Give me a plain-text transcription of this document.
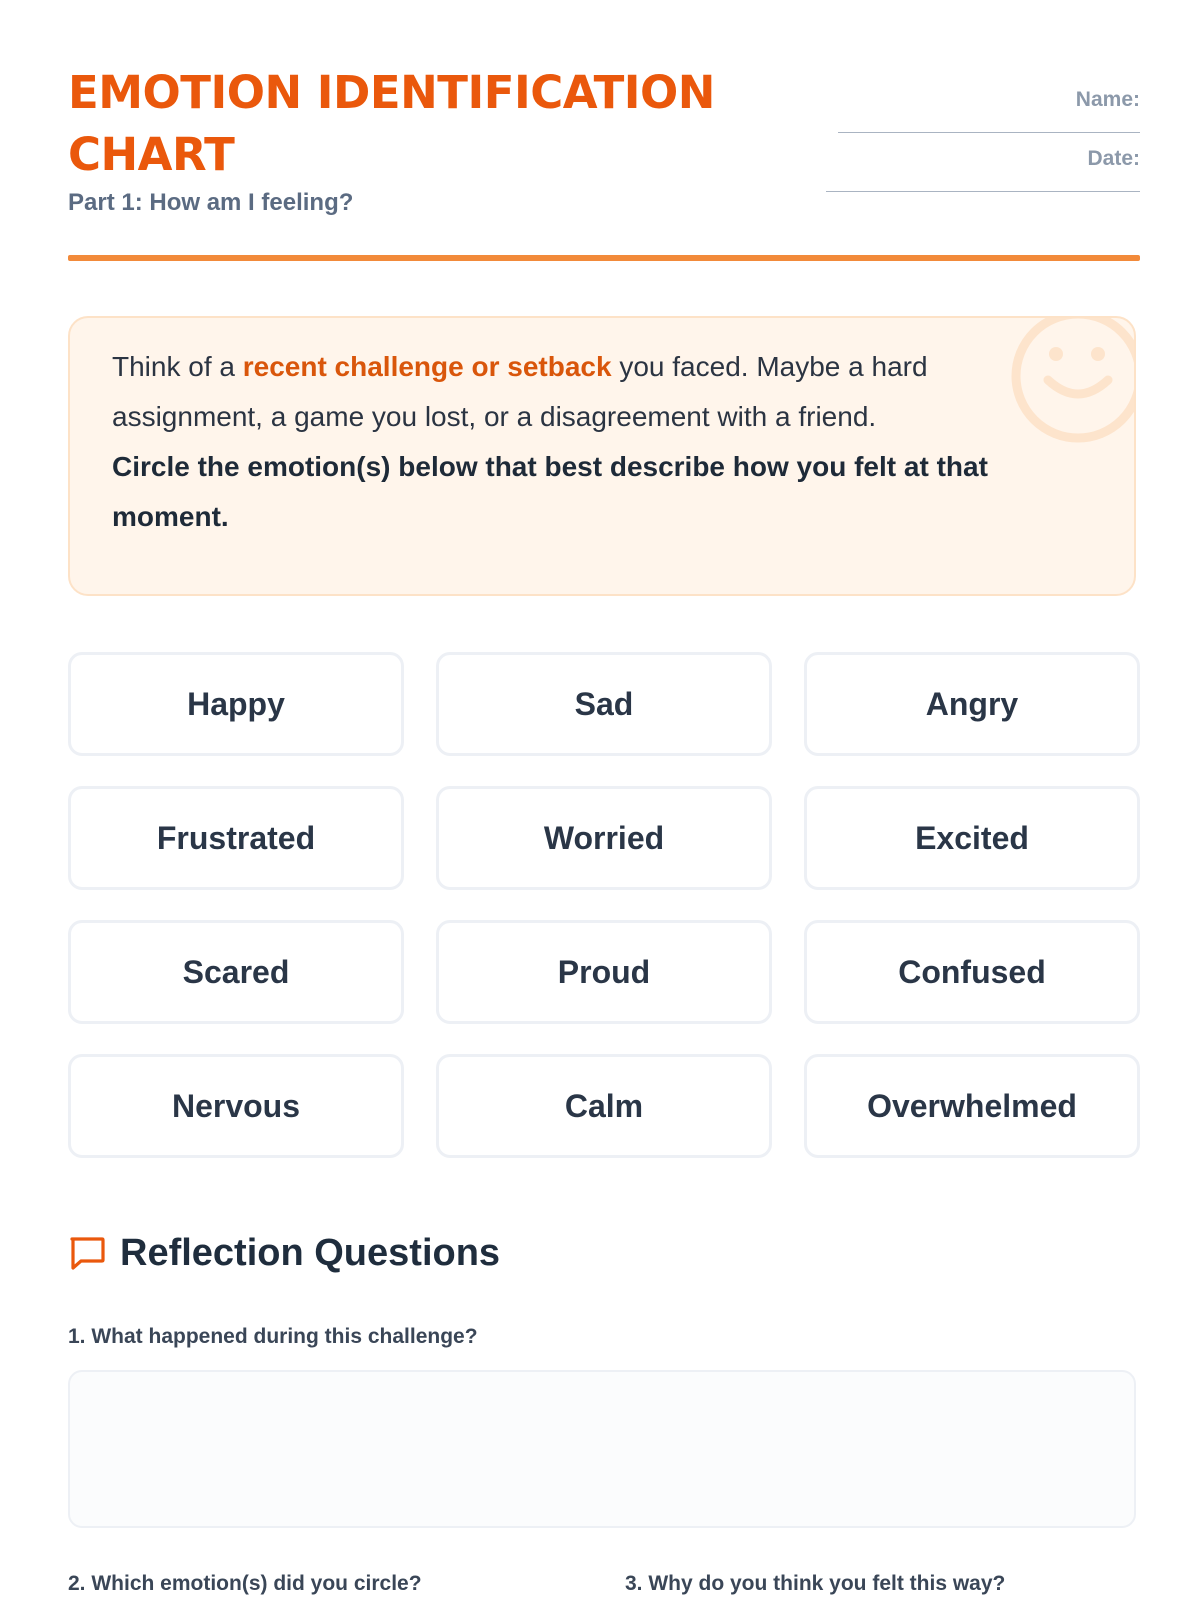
EMOTION IDENTIFICATION CHART
Part 1: How am I feeling?
Name:
Date:

Think of a recent challenge or setback you faced. Maybe a hard assignment, a game you lost, or a disagreement with a friend.
Circle the emotion(s) below that best describe how you felt at that moment.

Happy	Sad	Angry
Frustrated	Worried	Excited
Scared	Proud	Confused
Nervous	Calm	Overwhelmed
Reflection Questions
1. What happened during this challenge?
2. Which emotion(s) did you circle?	3. Why do you think you felt this way?
